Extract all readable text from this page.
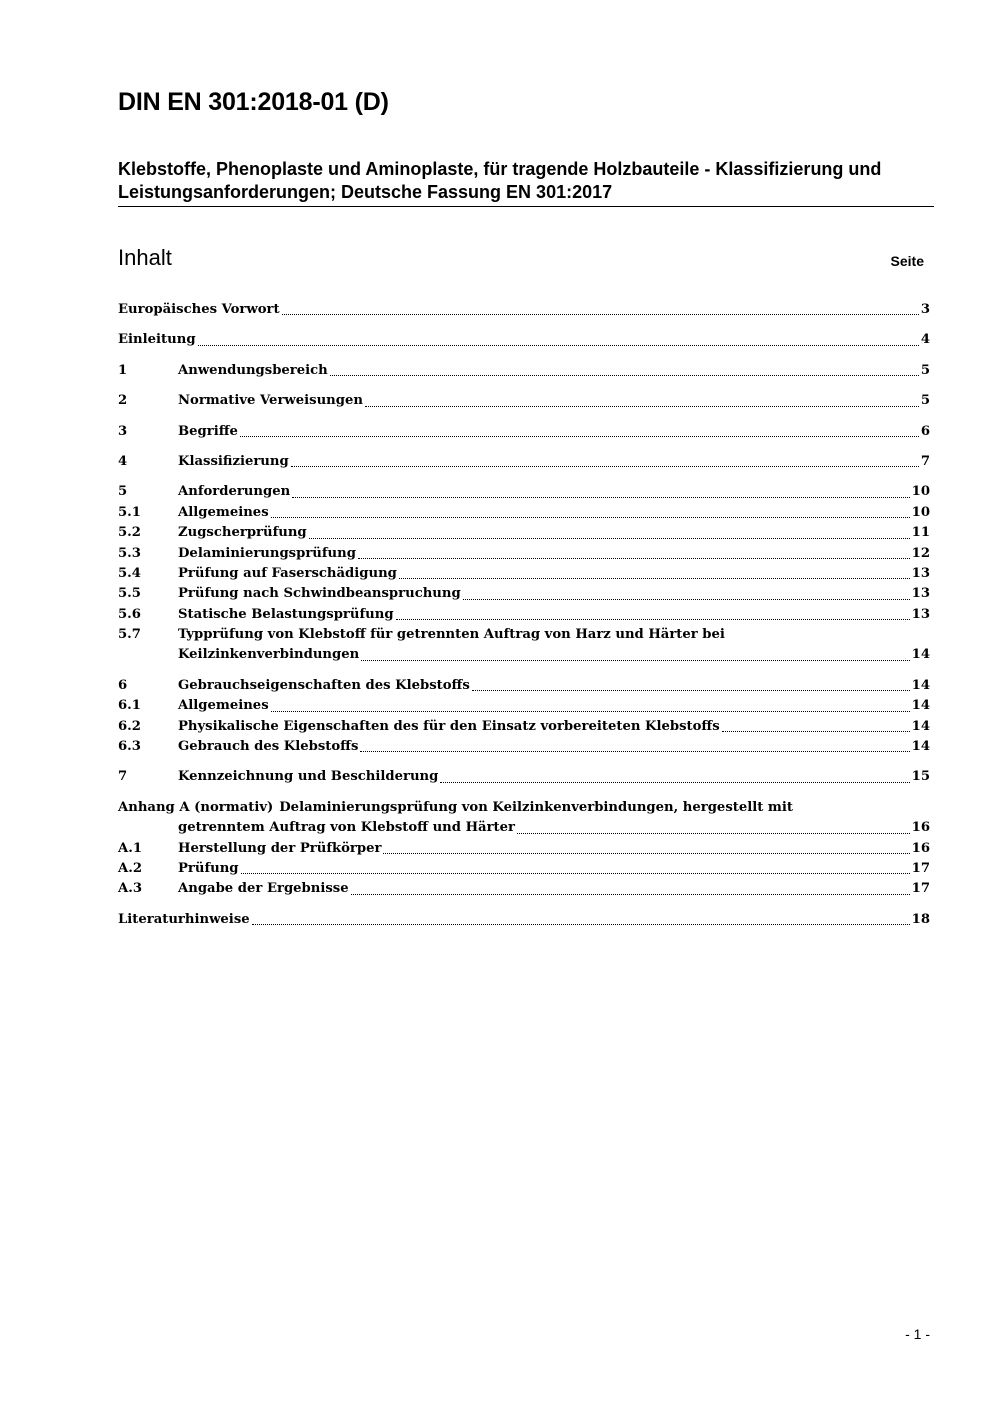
DIN EN 301:2018-01 (D)
Klebstoffe, Phenoplaste und Aminoplaste, für tragende Holzbauteile - Klassifizierung und Leistungsanforderungen; Deutsche Fassung EN 301:2017
Inhalt	Seite
Europäisches Vorwort	3
Einleitung	4
1	Anwendungsbereich	5
2	Normative Verweisungen	5
3	Begriffe	6
4	Klassifizierung	7
5	Anforderungen	10
5.1	Allgemeines	10
5.2	Zugscherprüfung	11
5.3	Delaminierungsprüfung	12
5.4	Prüfung auf Faserschädigung	13
5.5	Prüfung nach Schwindbeanspruchung	13
5.6	Statische Belastungsprüfung	13
5.7	Typprüfung von Klebstoff für getrennten Auftrag von Harz und Härter bei
Keilzinkenverbindungen	14
6	Gebrauchseigenschaften des Klebstoffs	14
6.1	Allgemeines	14
6.2	Physikalische Eigenschaften des für den Einsatz vorbereiteten Klebstoffs	14
6.3	Gebrauch des Klebstoffs	14
7	Kennzeichnung und Beschilderung	15
Anhang A (normativ) Delaminierungsprüfung von Keilzinkenverbindungen, hergestellt mit
getrenntem Auftrag von Klebstoff und Härter	16
A.1	Herstellung der Prüfkörper	16
A.2	Prüfung	17
A.3	Angabe der Ergebnisse	17
Literaturhinweise	18
- 1 -
